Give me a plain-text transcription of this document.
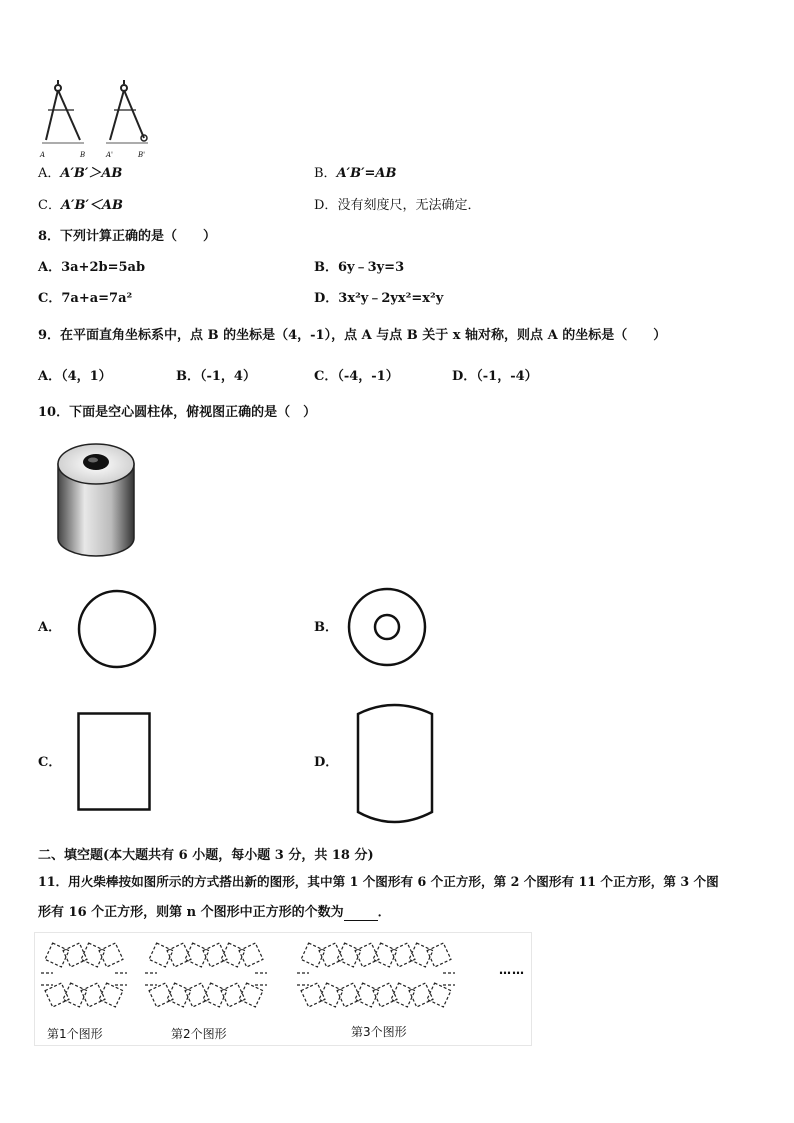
A	B	A'	B'
A．A′B′＞AB	B．A′B′=AB
C．A′B′＜AB	D．没有刻度尺，无法确定．
8．下列计算正确的是（　　）
A．3a+2b=5ab	B．6y﹣3y=3
C．7a+a=7a²	D．3x²y﹣2yx²=x²y
9．在平面直角坐标系中，点 B 的坐标是（4，-1），点 A 与点 B 关于 x 轴对称，则点 A 的坐标是（　　）
A．（4，1）	B．（-1，4）	C．（-4，-1）	D．（-1，-4）
10．下面是空心圆柱体，俯视图正确的是（　）
A．	B．
C．	D．
二、填空题(本大题共有 6 小题，每小题 3 分，共 18 分)
11．用火柴棒按如图所示的方式搭出新的图形，其中第 1 个图形有 6 个正方形，第 2 个图形有 11 个正方形，第 3 个图
形有 16 个正方形，则第 n 个图形中正方形的个数为	．
第1个图形	第2个图形	第3个图形
……
